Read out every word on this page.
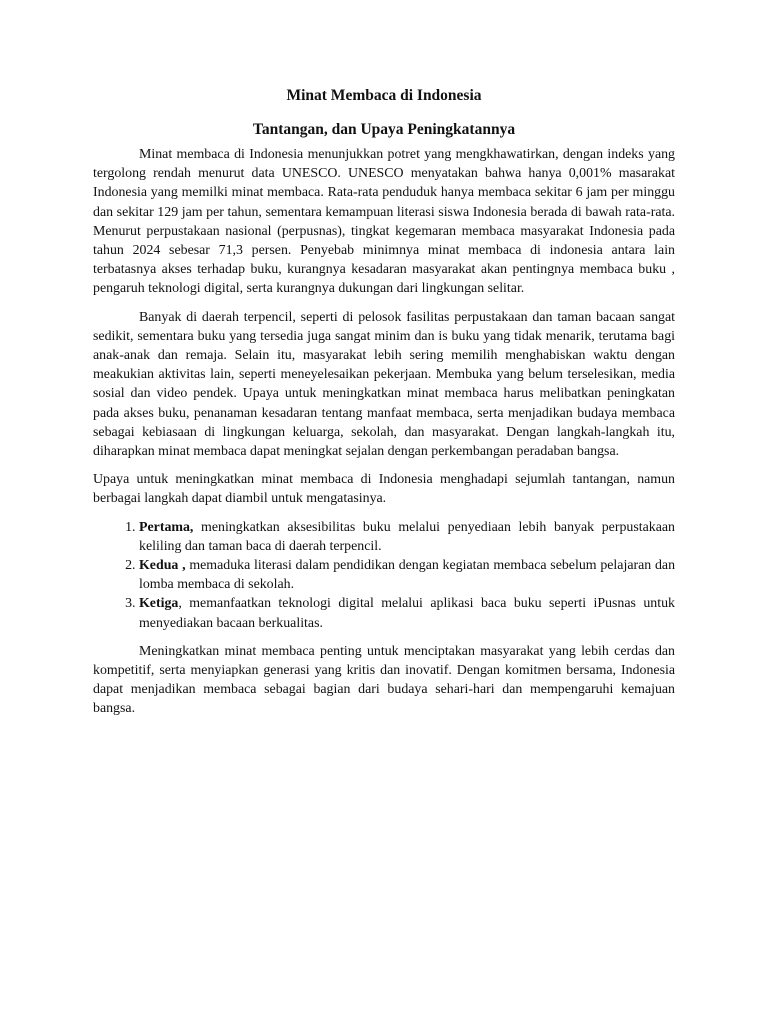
Minat Membaca di Indonesia
Tantangan, dan Upaya Peningkatannya

Minat membaca di Indonesia menunjukkan potret yang mengkhawatirkan, dengan indeks yang tergolong rendah menurut data UNESCO. UNESCO menyatakan bahwa hanya 0,001% masarakat Indonesia yang memilki minat membaca. Rata-rata penduduk hanya membaca sekitar 6 jam per minggu dan sekitar 129 jam per tahun, sementara kemampuan literasi siswa Indonesia berada di bawah rata-rata. Menurut perpustakaan nasional (perpusnas), tingkat kegemaran membaca masyarakat Indonesia pada tahun 2024 sebesar 71,3 persen. Penyebab minimnya minat membaca di indonesia antara lain terbatasnya akses terhadap buku, kurangnya kesadaran masyarakat akan pentingnya membaca buku , pengaruh teknologi digital, serta kurangnya dukungan dari lingkungan selitar.

Banyak di daerah terpencil, seperti di pelosok fasilitas perpustakaan dan taman bacaan sangat sedikit, sementara buku yang tersedia juga sangat minim dan is buku yang tidak menarik, terutama bagi anak-anak dan remaja. Selain itu, masyarakat lebih sering memilih menghabiskan waktu dengan meakukian aktivitas lain, seperti meneyelesaikan pekerjaan. Membuka yang belum terselesikan, media sosial dan video pendek. Upaya untuk meningkatkan minat membaca harus melibatkan peningkatan pada akses buku, penanaman kesadaran tentang manfaat membaca, serta menjadikan budaya membaca sebagai kebiasaan di lingkungan keluarga, sekolah, dan masyarakat. Dengan langkah-langkah itu, diharapkan minat membaca dapat meningkat sejalan dengan perkembangan peradaban bangsa.

Upaya untuk meningkatkan minat membaca di Indonesia menghadapi sejumlah tantangan, namun berbagai langkah dapat diambil untuk mengatasinya.

1. Pertama, meningkatkan aksesibilitas buku melalui penyediaan lebih banyak perpustakaan keliling dan taman baca di daerah terpencil.
2. Kedua , memaduka literasi dalam pendidikan dengan kegiatan membaca sebelum pelajaran dan lomba membaca di sekolah.
3. Ketiga, memanfaatkan teknologi digital melalui aplikasi baca buku seperti iPusnas untuk menyediakan bacaan berkualitas.

Meningkatkan minat membaca penting untuk menciptakan masyarakat yang lebih cerdas dan kompetitif, serta menyiapkan generasi yang kritis dan inovatif. Dengan komitmen bersama, Indonesia dapat menjadikan membaca sebagai bagian dari budaya sehari-hari dan mempengaruhi kemajuan bangsa.
